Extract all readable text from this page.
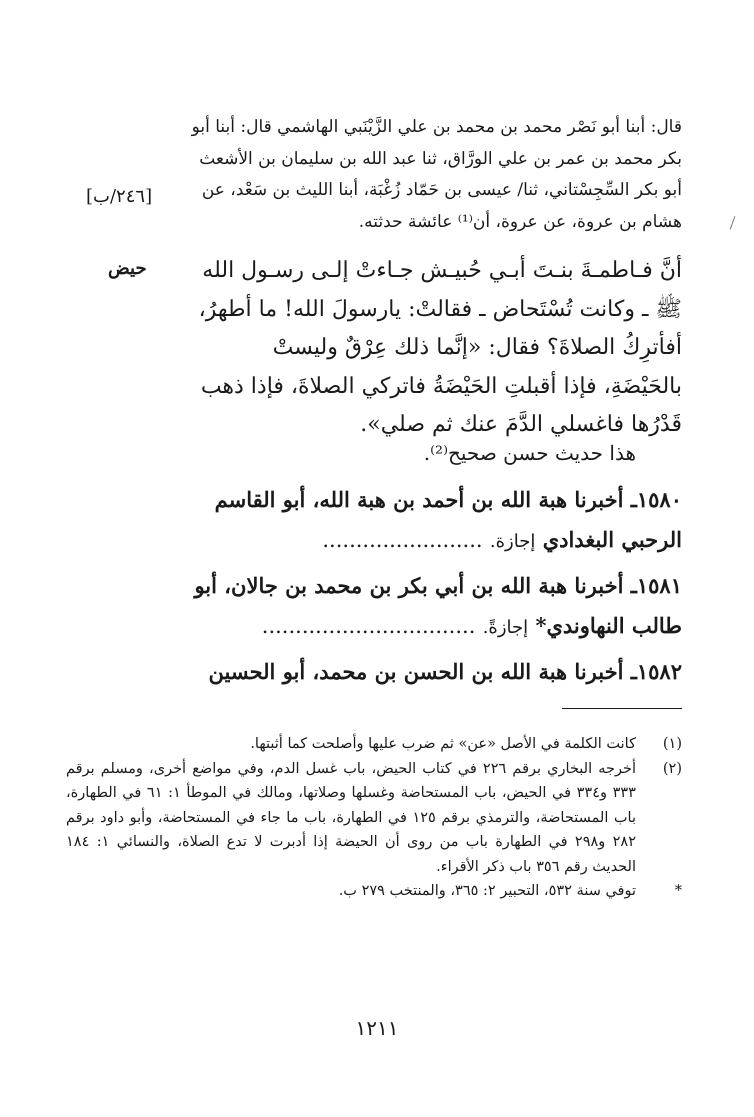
قال: أبنا أبو نَصْر محمد بن محمد بن علي الزَّيْنَبي الهاشمي قال: أبنا أبو بكر محمد بن عمر بن علي الورَّاق، ثنا عبد الله بن سليمان بن الأشعث أبو بكر السِّجِسْتاني، ثنا/ عيسى بن حَمّاد زُغْبَة، أبنا الليث بن سَعْد، عن هشام بن عروة، عن عروة، أن⁽¹⁾ عائشة حدثته.

[٢٤٦/ب]

أنَّ فـاطمـةَ بنـتَ أبـي حُبيـش جـاءتْ إلـى رسـول الله ﷺ ـ وكانت تُسْتَحاض ـ فقالتْ: يارسولَ الله! ما أطهرُ، أفأترِكُ الصلاةَ؟ فقال: «إنَّما ذلك عِرْقٌ وليستْ بالحَيْضَةِ، فإذا أقبلتِ الحَيْضَةُ فاتركي الصلاةَ، فإذا ذهب قَدْرُها فاغسلي الدَّمَ عنك ثم صلي».

حيض

هذا حديث حسن صحيح⁽²⁾.

١٥٨٠ـ أخبرنا هبة الله بن أحمد بن هبة الله، أبو القاسم الرحبي البغدادي إجازة. ........................
١٥٨١ـ أخبرنا هبة الله بن أبي بكر بن محمد بن جالان، أبو طالب النهاوندي* إجازةً. ................................
١٥٨٢ـ أخبرنا هبة الله بن الحسن بن محمد، أبو الحسين
(١)
كانت الكلمة في الأصل «عن» ثم ضرب عليها وأصلحت كما أثبتها.
(٢)
أخرجه البخاري برقم ٢٢٦ في كتاب الحيض، باب غسل الدم، وفي مواضع أخرى، ومسلم برقم ٣٣٣ و٣٣٤ في الحيض، باب المستحاضة وغسلها وصلاتها، ومالك في الموطأ ١: ٦١ في الطهارة، باب المستحاضة، والترمذي برقم ١٢٥ في الطهارة، باب ما جاء في المستحاضة، وأبو داود برقم ٢٨٢ و٢٩٨ في الطهارة باب من روى أن الحيضة إذا أدبرت لا تدع الصلاة، والنسائي ١: ١٨٤ الحديث رقم ٣٥٦ باب ذكر الأقراء.
*
توفي سنة ٥٣٢، التحبير ٢: ٣٦٥، والمنتخب ٢٧٩ ب.
١٢١١
